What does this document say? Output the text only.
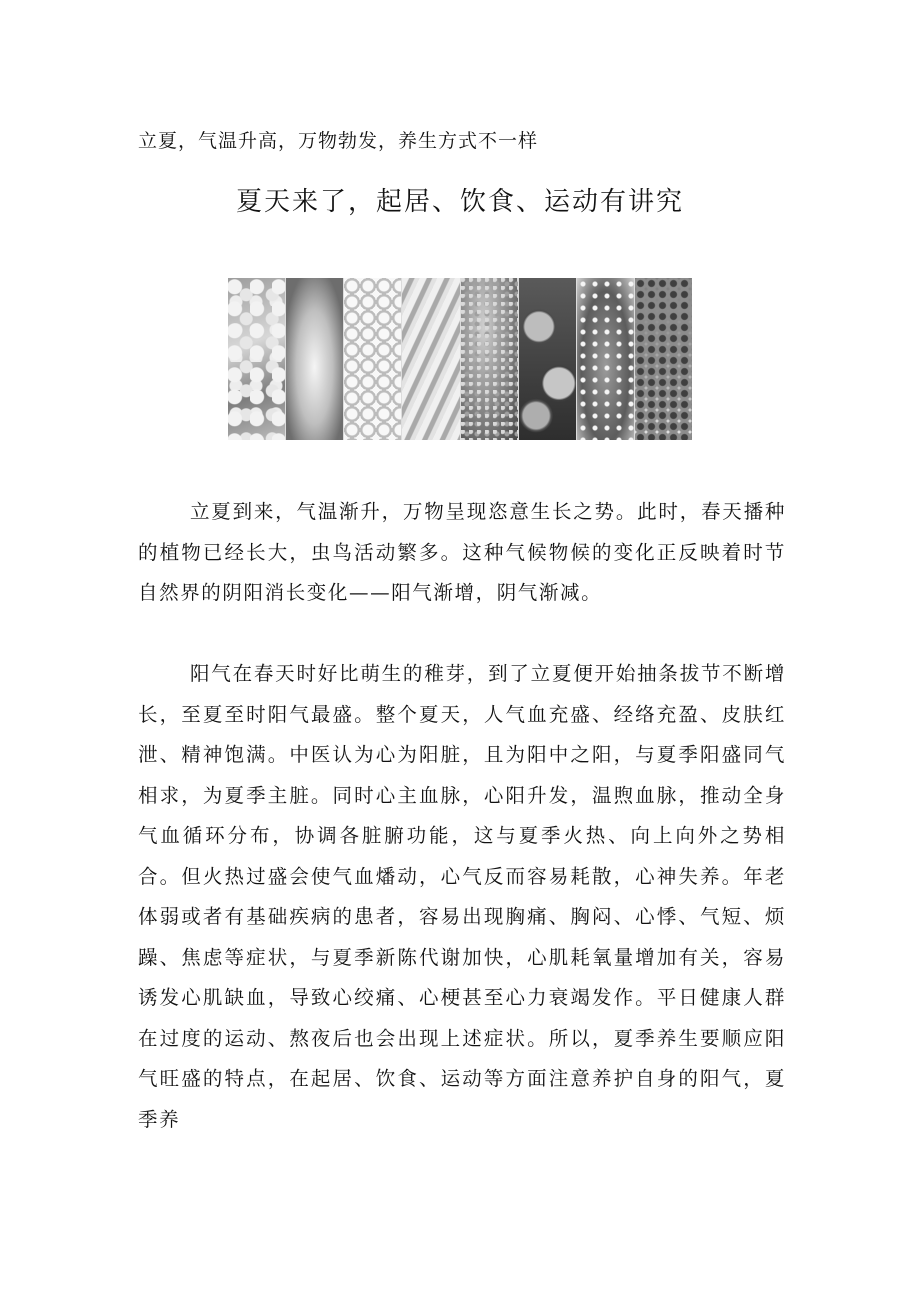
立夏，气温升高，万物勃发，养生方式不一样
夏天来了，起居、饮食、运动有讲究

立夏到来，气温渐升，万物呈现恣意生长之势。此时，春天播种的植物已经长大，虫鸟活动繁多。这种气候物候的变化正反映着时节自然界的阴阳消长变化——阳气渐增，阴气渐减。

阳气在春天时好比萌生的稚芽，到了立夏便开始抽条拔节不断增长，至夏至时阳气最盛。整个夏天，人气血充盛、经络充盈、皮肤红泄、精神饱满。中医认为心为阳脏，且为阳中之阳，与夏季阳盛同气相求，为夏季主脏。同时心主血脉，心阳升发，温煦血脉，推动全身气血循环分布，协调各脏腑功能，这与夏季火热、向上向外之势相合。但火热过盛会使气血燔动，心气反而容易耗散，心神失养。年老体弱或者有基础疾病的患者，容易出现胸痛、胸闷、心悸、气短、烦躁、焦虑等症状，与夏季新陈代谢加快，心肌耗氧量增加有关，容易诱发心肌缺血，导致心绞痛、心梗甚至心力衰竭发作。平日健康人群在过度的运动、熬夜后也会出现上述症状。所以，夏季养生要顺应阳气旺盛的特点，在起居、饮食、运动等方面注意养护自身的阳气，夏季养
